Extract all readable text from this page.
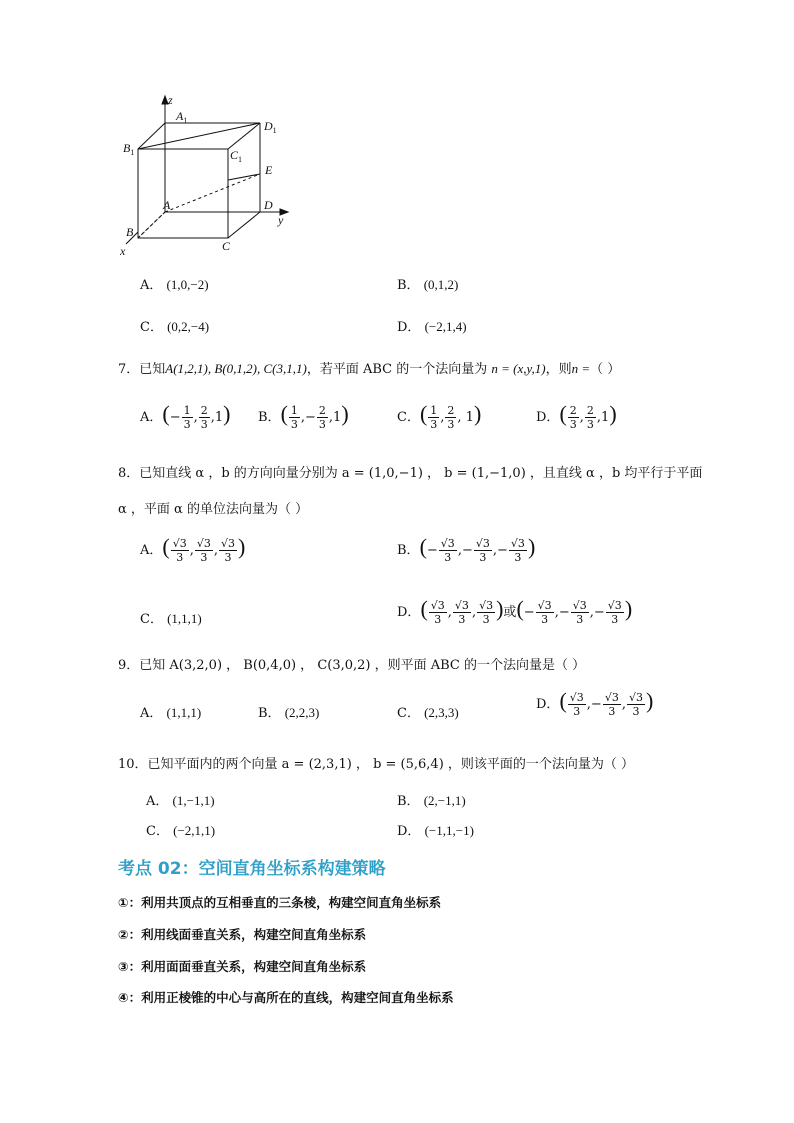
z
$A_1$	$D_1$
$B_1$	$C_1$
E
A	D
y
B
C
x
A． (1,0,−2)	B． (0,1,2)
C． (0,2,−4)	D． (−2,1,4)
7．已知A(1,2,1), B(0,1,2), C(3,1,1)，若平面 ABC 的一个法向量为 n = (x,y,1)，则n =（ ）
A．(− $\frac{1}{3}$ , $\frac{2}{3} ,1$) B．( $\frac{1}{3}$ ,− $\frac{2}{3} ,1$)	C．( $\frac{1}{3}$ , $\frac{2}{3}$ , 1)	D．( $\frac{2}{3}$ , $\frac{2}{3} ,1$)
8．已知直线 α ，b 的方向向量分别为 a = (1,0,−1) ， b = (1,−1,0) ，且直线 α ，b 均平行于平面
α ，平面 α 的单位法向量为（ ）
A．( $\frac{√3}{3}$ , $\frac{√3}{3}$ , $\frac{√3}{3}$ )	B．(− $\frac{√3}{3}$ ,− $\frac{√3}{3}$ ,− $\frac{√3}{3}$ )
C． (1,1,1)	D．( $\frac{√3}{3}$ , $\frac{√3}{3}$ , $\frac{√3}{3}$ )或(− $\frac{√3}{3}$ ,− $\frac{√3}{3}$ ,− $\frac{√3}{3}$ )
9．已知 A(3,2,0) ， B(0,4,0) ， C(3,0,2) ，则平面 ABC 的一个法向量是（ ）
A． (1,1,1)	B． (2,2,3)	C． (2,3,3)
D．( $\frac{√3}{3}$ ,− $\frac{√3}{3}$ , $\frac{√3}{3}$ )
10．已知平面内的两个向量 a = (2,3,1) ， b = (5,6,4) ，则该平面的一个法向量为（ ）
A． (1,−1,1)	B． (2,−1,1)
C． (−2,1,1)	D． (−1,1,−1)
考点 02：空间直角坐标系构建策略
①：利用共顶点的互相垂直的三条棱，构建空间直角坐标系
②：利用线面垂直关系，构建空间直角坐标系
③：利用面面垂直关系，构建空间直角坐标系
④：利用正棱锥的中心与高所在的直线，构建空间直角坐标系
